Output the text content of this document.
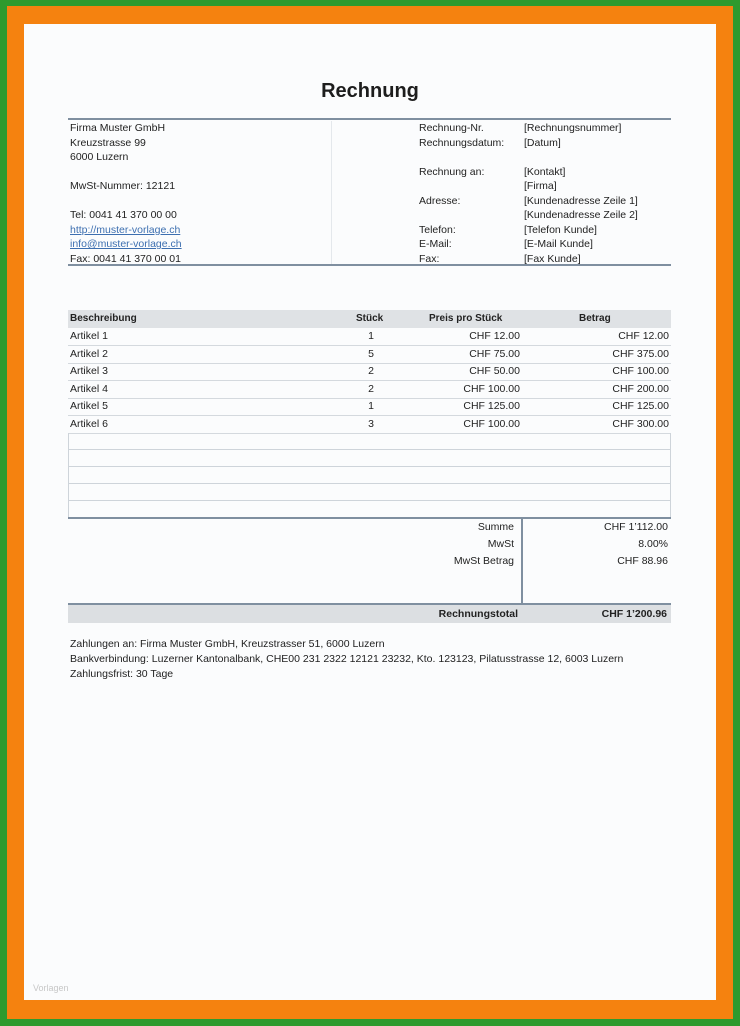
Rechnung
Firma Muster GmbH
Kreuzstrasse 99
6000 Luzern
MwSt-Nummer: 12121
Tel: 0041 41 370 00 00
http://muster-vorlage.ch
info@muster-vorlage.ch
Fax: 0041 41 370 00 01
Rechnung-Nr.	[Rechnungsnummer]
Rechnungsdatum: [Datum]
Rechnung an:	[Kontakt]
[Firma]
Adresse:	[Kundenadresse Zeile 1]
[Kundenadresse Zeile 2]
Telefon:	[Telefon Kunde]
E-Mail:	[E-Mail Kunde]
Fax:	[Fax Kunde]
Beschreibung	Stück	Preis pro Stück	Betrag
Artikel 1	1	CHF 12.00	CHF 12.00
Artikel 2	5	CHF 75.00	CHF 375.00
Artikel 3	2	CHF 50.00	CHF 100.00
Artikel 4	2	CHF 100.00	CHF 200.00
Artikel 5	1	CHF 125.00	CHF 125.00
Artikel 6	3	CHF 100.00	CHF 300.00
Summe	CHF 1’112.00
MwSt	8.00%
MwSt Betrag	CHF 88.96
Rechnungstotal	CHF 1’200.96
Zahlungen an: Firma Muster GmbH, Kreuzstrasser 51, 6000 Luzern
Bankverbindung: Luzerner Kantonalbank, CHE00 231 2322 12121 23232, Kto. 123123, Pilatusstrasse 12, 6003 Luzern
Zahlungsfrist: 30 Tage
Vorlagen
